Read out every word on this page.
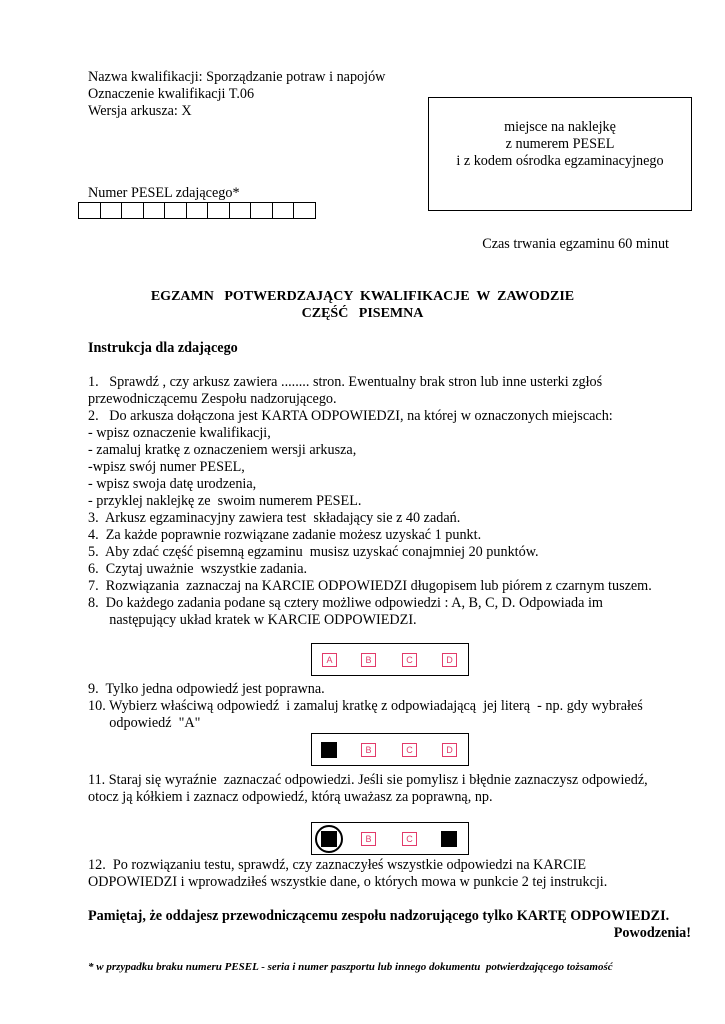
Nazwa kwalifikacji: Sporządzanie potraw i napojów
Oznaczenie kwalifikacji T.06
Wersja arkusza: X
miejsce na naklejkę
z numerem PESEL
i z kodem ośrodka egzaminacyjnego
Numer PESEL zdającego*
Czas trwania egzaminu 60 minut
EGZAMN   POTWERDZAJĄCY  KWALIFIKACJE  W  ZAWODZIE
CZĘŚĆ   PISEMNA
Instrukcja dla zdającego
1.   Sprawdź , czy arkusz zawiera ........ stron. Ewentualny brak stron lub inne usterki zgłoś
przewodniczącemu Zespołu nadzorującego.
2.   Do arkusza dołączona jest KARTA ODPOWIEDZI, na której w oznaczonych miejscach:
- wpisz oznaczenie kwalifikacji,
- zamaluj kratkę z oznaczeniem wersji arkusza,
-wpisz swój numer PESEL,
- wpisz swoja datę urodzenia,
- przyklej naklejkę ze  swoim numerem PESEL.
3.  Arkusz egzaminacyjny zawiera test  składający sie z 40 zadań.
4.  Za każde poprawnie rozwiązane zadanie możesz uzyskać 1 punkt.
5.  Aby zdać część pisemną egzaminu  musisz uzyskać conajmniej 20 punktów.
6.  Czytaj uważnie  wszystkie zadania.
7.  Rozwiązania  zaznaczaj na KARCIE ODPOWIEDZI długopisem lub piórem z czarnym tuszem.
8.  Do każdego zadania podane są cztery możliwe odpowiedzi : A, B, C, D. Odpowiada im
następujący układ kratek w KARCIE ODPOWIEDZI.
A	B	C	D
9.  Tylko jedna odpowiedź jest poprawna.
10. Wybierz właściwą odpowiedź  i zamaluj kratkę z odpowiadającą  jej literą  - np. gdy wybrałeś
odpowiedź  "A"
B	C	D
11. Staraj się wyraźnie  zaznaczać odpowiedzi. Jeśli sie pomylisz i błędnie zaznaczysz odpowiedź,
otocz ją kółkiem i zaznacz odpowiedź, którą uważasz za poprawną, np.
B	C
12.  Po rozwiązaniu testu, sprawdź, czy zaznaczyłeś wszystkie odpowiedzi na KARCIE
ODPOWIEDZI i wprowadziłeś wszystkie dane, o których mowa w punkcie 2 tej instrukcji.
Pamiętaj, że oddajesz przewodniczącemu zespołu nadzorującego tylko KARTĘ ODPOWIEDZI.
Powodzenia!
* w przypadku braku numeru PESEL - seria i numer paszportu lub innego dokumentu  potwierdzającego tożsamość
